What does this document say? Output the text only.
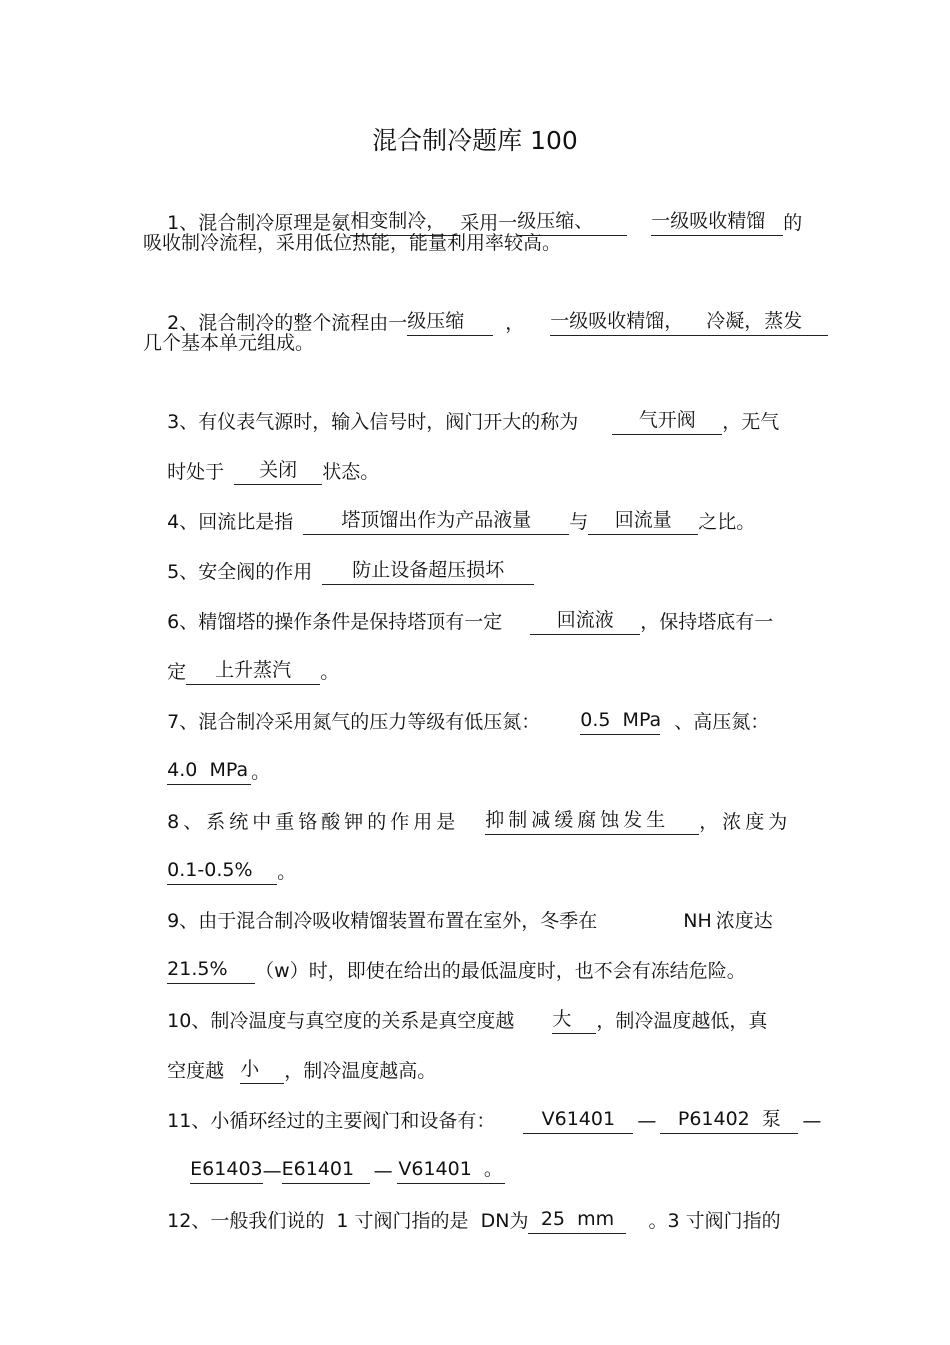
混合制冷题库 100

1、混合制冷原理是氨相变制冷， 采用一级压缩、	一级吸收精馏 的

吸收制冷流程，采用低位热能，能量利用率较高。

2、混合制冷的整个流程由一级压缩 ， 一级吸收精馏， 冷凝，蒸发

几个基本单元组成。

3、有仪表气源时，输入信号时，阀门开大的称为	气开阀 ，无气

时处于 关闭 状态。

4、回流比是指	塔顶馏出作为产品液量 与 回流量 之比。

5、安全阀的作用 防止设备超压损坏

6、精馏塔的操作条件是保持塔顶有一定	回流液 ，保持塔底有一

定 上升蒸汽 。

7、混合制冷采用氮气的压力等级有低压氮： 0.5  MPa 、高压氮：

4.0  MPa 。

8、系统中重铬酸钾的作用是 抑制减缓腐蚀发生 ，浓度为

0.1-0.5% 。

9、由于混合制冷吸收精馏装置布置在室外，冬季在	NH 浓度达

21.5% （w）时，即使在给出的最低温度时，也不会有冻结危险。

10、制冷温度与真空度的关系是真空度越 大 ，制冷温度越低，真

空度越 小 ，制冷温度越高。

11、小循环经过的主要阀门和设备有： V61401 — P61402  泵 —

E61403—E61401 — V61401  。

12、一般我们说的  1 寸阀门指的是  DN为 25  mm 。3 寸阀门指的
